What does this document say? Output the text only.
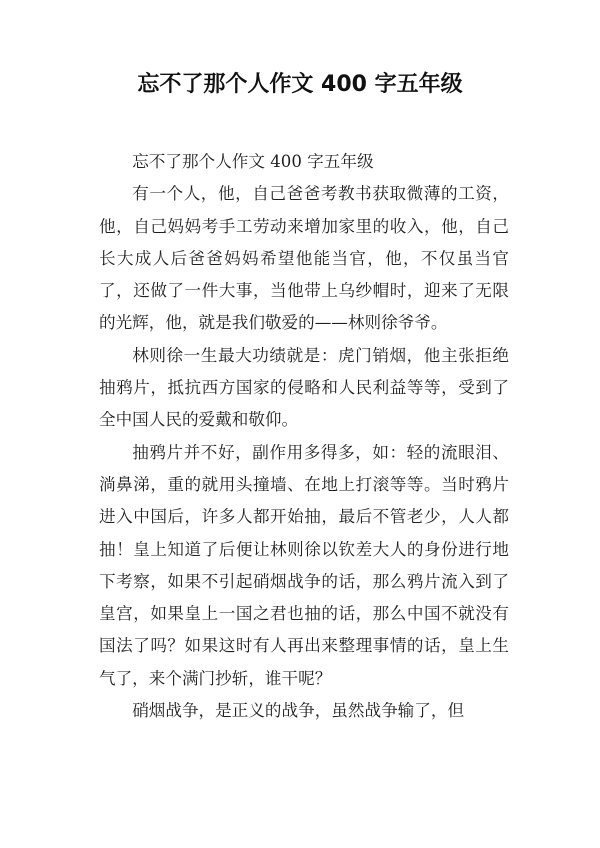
忘不了那个人作文 400 字五年级

忘不了那个人作文 400 字五年级

有一个人，他，自己爸爸考教书获取微薄的工资，他，自己妈妈考手工劳动来增加家里的收入，他，自己长大成人后爸爸妈妈希望他能当官，他，不仅虽当官了，还做了一件大事，当他带上乌纱帽时，迎来了无限的光辉，他，就是我们敬爱的——林则徐爷爷。

林则徐一生最大功绩就是：虎门销烟，他主张拒绝抽鸦片，抵抗西方国家的侵略和人民利益等等，受到了全中国人民的爱戴和敬仰。

抽鸦片并不好，副作用多得多，如：轻的流眼泪、淌鼻涕，重的就用头撞墙、在地上打滚等等。当时鸦片进入中国后，许多人都开始抽，最后不管老少，人人都抽！皇上知道了后便让林则徐以钦差大人的身份进行地下考察，如果不引起硝烟战争的话，那么鸦片流入到了皇宫，如果皇上一国之君也抽的话，那么中国不就没有国法了吗？如果这时有人再出来整理事情的话，皇上生气了，来个满门抄斩，谁干呢？

硝烟战争，是正义的战争，虽然战争输了，但
